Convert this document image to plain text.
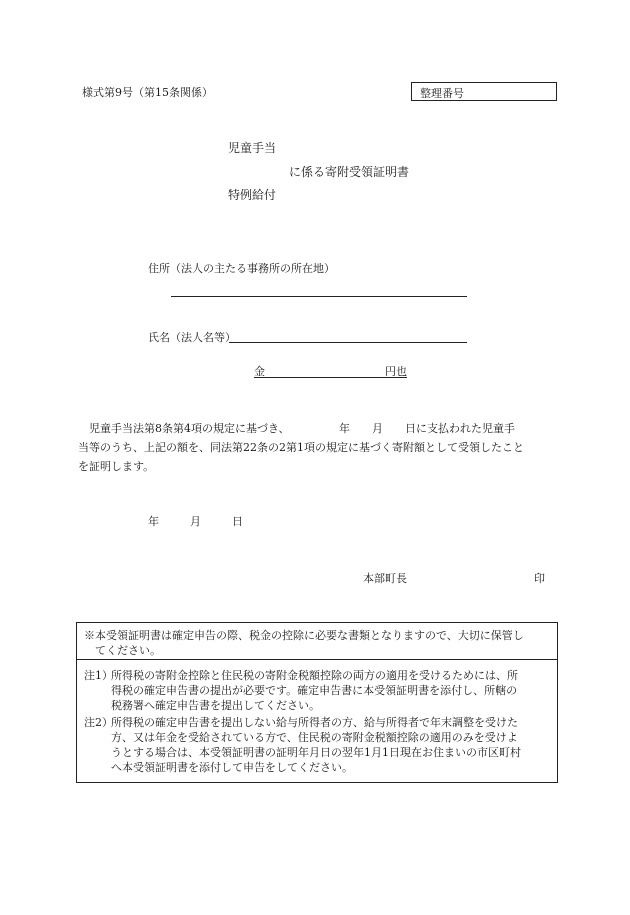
様式第9号（第15条関係）	整理番号
児童手当
に係る寄附受領証明書
特例給付
住所（法人の主たる事務所の所在地）
氏名（法人名等）
金	円也

児童手当法第8条第4項の規定に基づき、　　　　　年　　月　　日に支払われた児童手

当等のうち、上記の額を、同法第22条の2第1項の規定に基づく寄附額として受領したこと

を証明します。

年	月	日
本部町長	印

※本受領証明書は確定申告の際、税金の控除に必要な書類となりますので、大切に保管し

てください。

注1）
所得税の寄附金控除と住民税の寄附金税額控除の両方の適用を受けるためには、所
得税の確定申告書の提出が必要です。確定申告書に本受領証明書を添付し、所轄の
税務署へ確定申告書を提出してください。
注2）
所得税の確定申告書を提出しない給与所得者の方、給与所得者で年末調整を受けた
方、又は年金を受給されている方で、住民税の寄附金税額控除の適用のみを受けよ
うとする場合は、本受領証明書の証明年月日の翌年1月1日現在お住まいの市区町村
へ本受領証明書を添付して申告をしてください。
